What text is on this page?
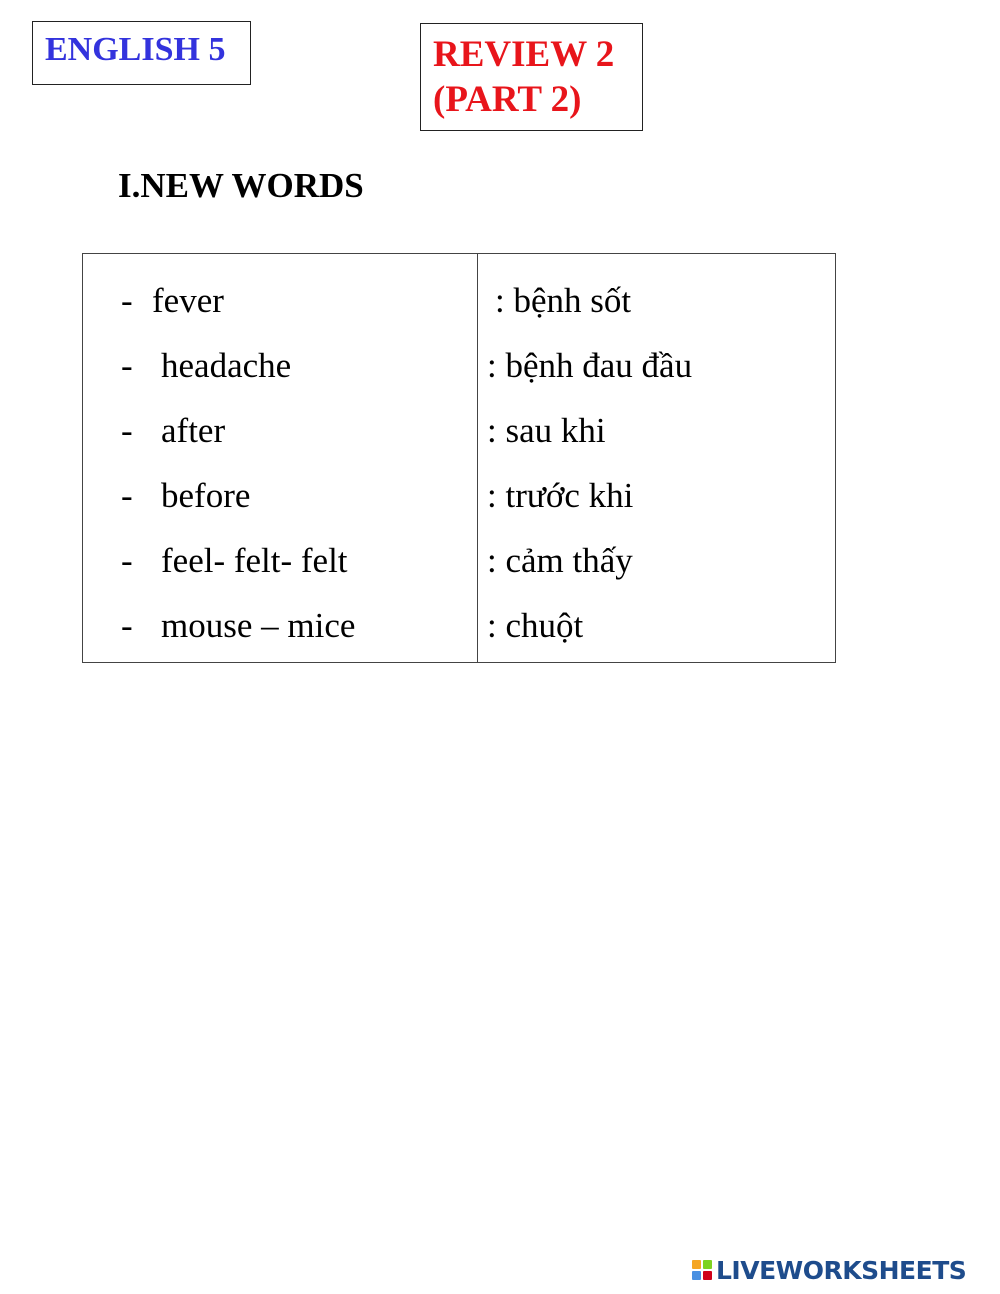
ENGLISH 5	REVIEW 2
(PART 2)
I.NEW WORDS
- fever	: bệnh sốt
- headache	: bệnh đau đầu
- after	: sau khi
- before	: trước khi
- feel- felt- felt	: cảm thấy
- mouse – mice	: chuột
LIVEWORKSHEETS
